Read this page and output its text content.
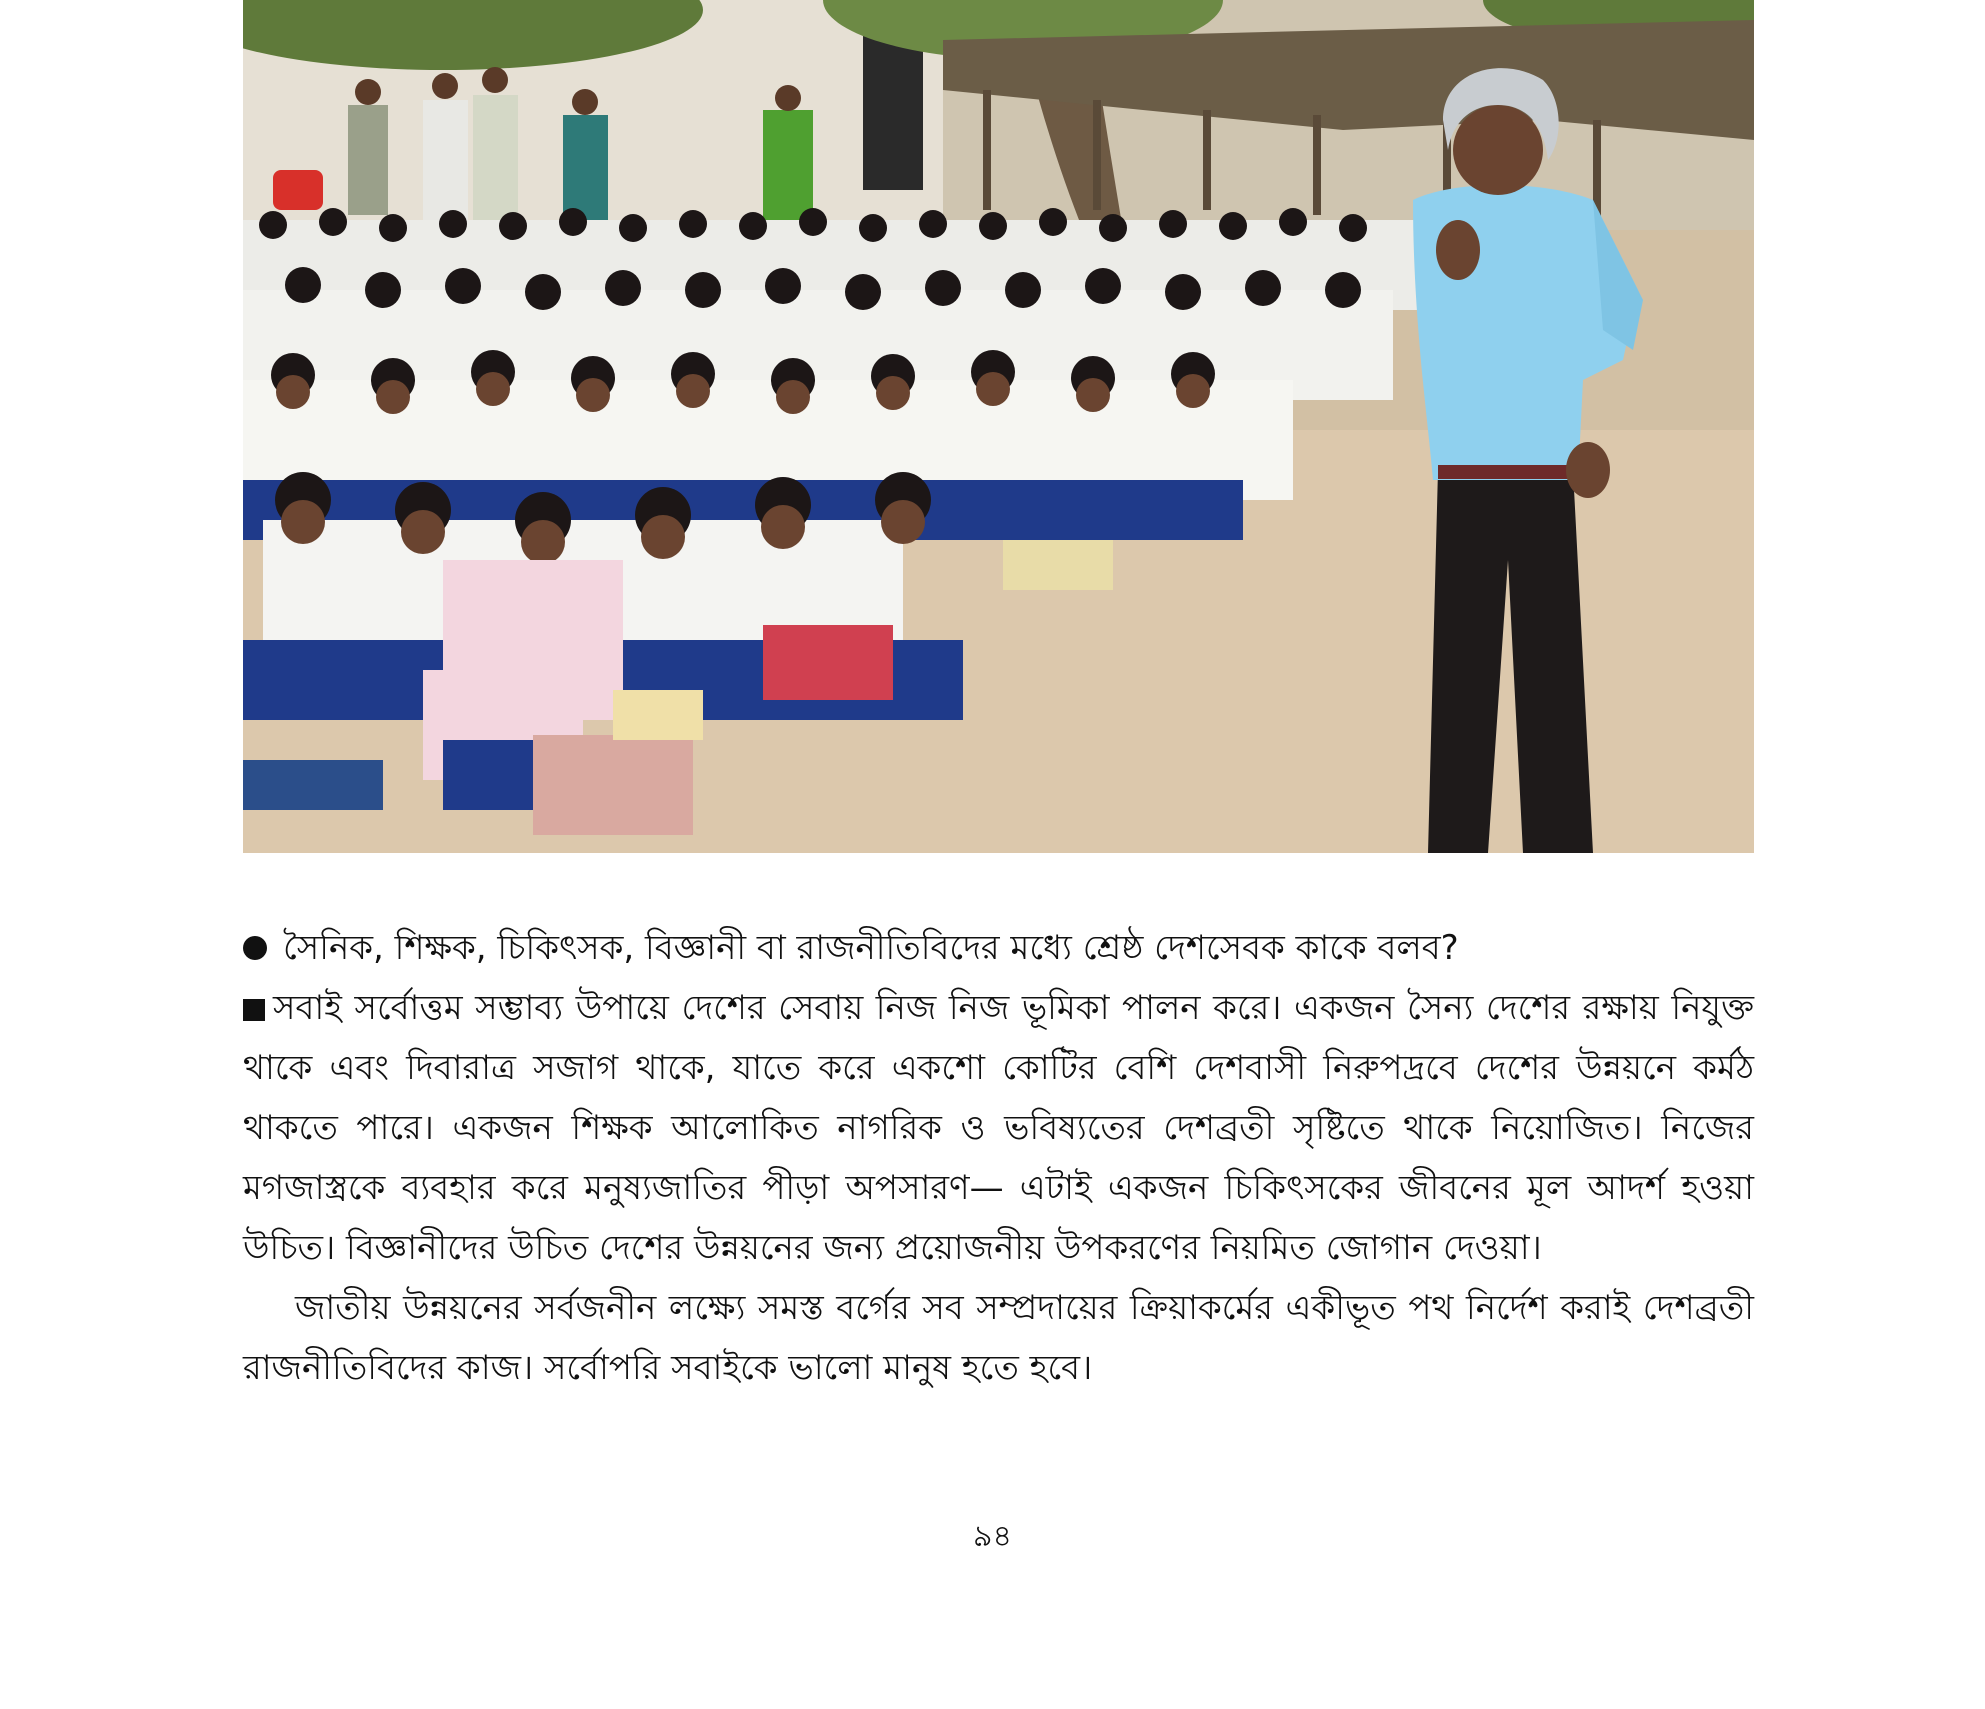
সৈনিক, শিক্ষক, চিকিৎসক, বিজ্ঞানী বা রাজনীতিবিদের মধ্যে শ্রেষ্ঠ দেশসেবক কাকে বলব?

সবাই সর্বোত্তম সম্ভাব্য উপায়ে দেশের সেবায় নিজ নিজ ভূমিকা পালন করে। একজন সৈন্য দেশের রক্ষায় নিযুক্ত থাকে এবং দিবারাত্র সজাগ থাকে, যাতে করে একশো কোটির বেশি দেশবাসী নিরুপদ্রবে দেশের উন্নয়নে কর্মঠ থাকতে পারে। একজন শিক্ষক আলোকিত নাগরিক ও ভবিষ্যতের দেশব্রতী সৃষ্টিতে থাকে নিয়োজিত। নিজের মগজাস্ত্রকে ব্যবহার করে মনুষ্যজাতির পীড়া অপসারণ— এটাই একজন চিকিৎসকের জীবনের মূল আদর্শ হওয়া উচিত। বিজ্ঞানীদের উচিত দেশের উন্নয়নের জন্য প্রয়োজনীয় উপকরণের নিয়মিত জোগান দেওয়া।

জাতীয় উন্নয়নের সর্বজনীন লক্ষ্যে সমস্ত বর্গের সব সম্প্রদায়ের ক্রিয়াকর্মের একীভূত পথ নির্দেশ করাই দেশব্রতী রাজনীতিবিদের কাজ। সর্বোপরি সবাইকে ভালো মানুষ হতে হবে।

৯৪
